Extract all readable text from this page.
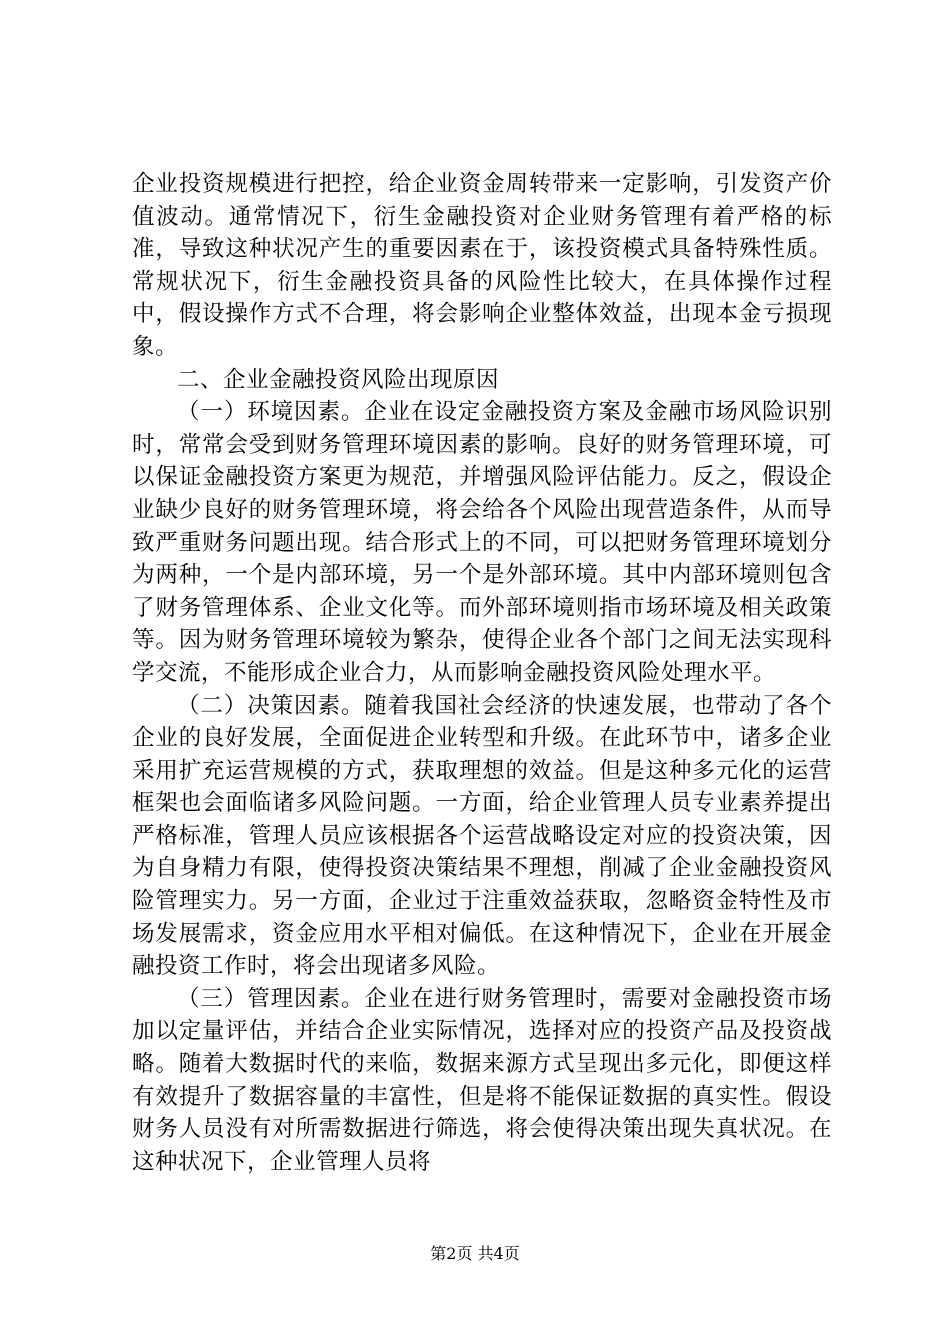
企业投资规模进行把控，给企业资金周转带来一定影响，引发资产价值波动。通常情况下，衍生金融投资对企业财务管理有着严格的标准，导致这种状况产生的重要因素在于，该投资模式具备特殊性质。常规状况下，衍生金融投资具备的风险性比较大，在具体操作过程中，假设操作方式不合理，将会影响企业整体效益，出现本金亏损现象。

二、企业金融投资风险出现原因

（一）环境因素。企业在设定金融投资方案及金融市场风险识别时，常常会受到财务管理环境因素的影响。良好的财务管理环境，可以保证金融投资方案更为规范，并增强风险评估能力。反之，假设企业缺少良好的财务管理环境，将会给各个风险出现营造条件，从而导致严重财务问题出现。结合形式上的不同，可以把财务管理环境划分为两种，一个是内部环境，另一个是外部环境。其中内部环境则包含了财务管理体系、企业文化等。而外部环境则指市场环境及相关政策等。因为财务管理环境较为繁杂，使得企业各个部门之间无法实现科学交流，不能形成企业合力，从而影响金融投资风险处理水平。

（二）决策因素。随着我国社会经济的快速发展，也带动了各个企业的良好发展，全面促进企业转型和升级。在此环节中，诸多企业采用扩充运营规模的方式，获取理想的效益。但是这种多元化的运营框架也会面临诸多风险问题。一方面，给企业管理人员专业素养提出严格标准，管理人员应该根据各个运营战略设定对应的投资决策，因为自身精力有限，使得投资决策结果不理想，削减了企业金融投资风险管理实力。另一方面，企业过于注重效益获取，忽略资金特性及市场发展需求，资金应用水平相对偏低。在这种情况下，企业在开展金融投资工作时，将会出现诸多风险。

（三）管理因素。企业在进行财务管理时，需要对金融投资市场加以定量评估，并结合企业实际情况，选择对应的投资产品及投资战略。随着大数据时代的来临，数据来源方式呈现出多元化，即便这样有效提升了数据容量的丰富性，但是将不能保证数据的真实性。假设财务人员没有对所需数据进行筛选，将会使得决策出现失真状况。在这种状况下，企业管理人员将

第2页 共4页
